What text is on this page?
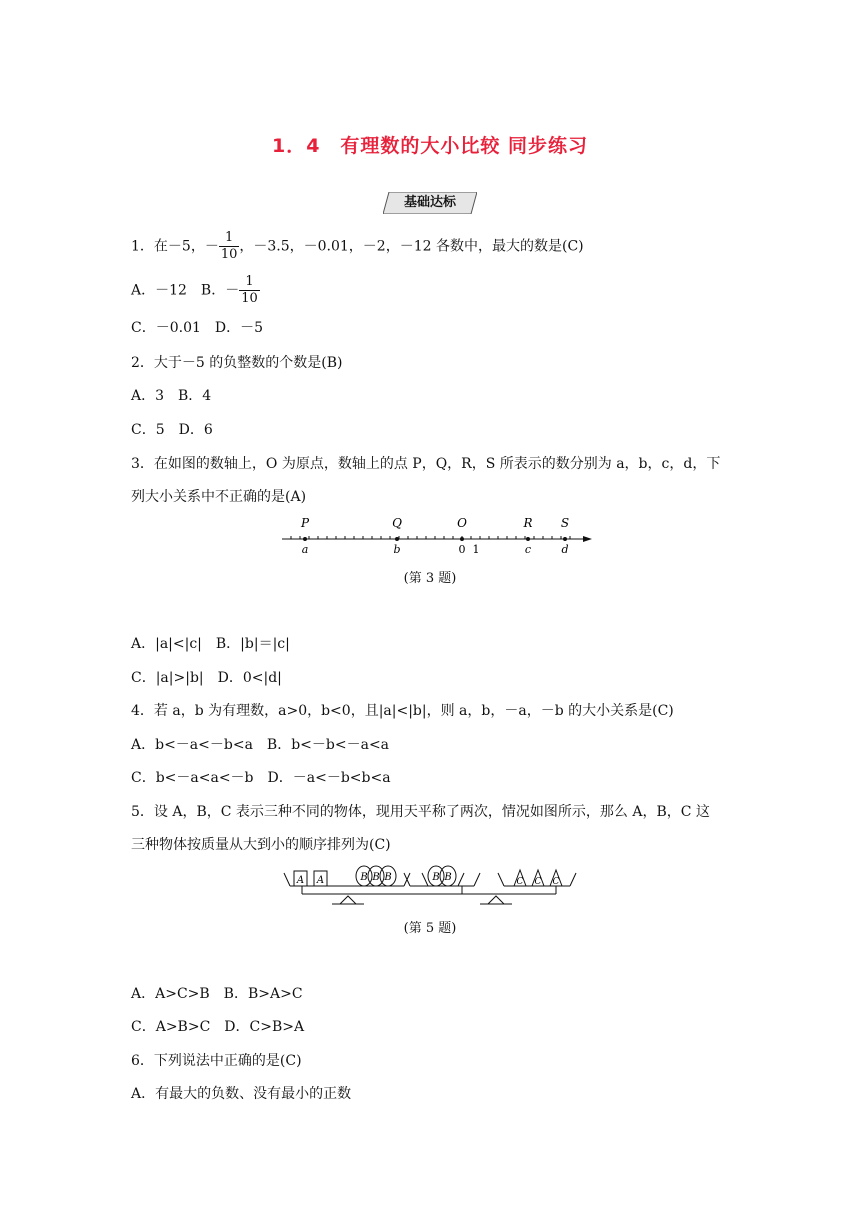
1．4　有理数的大小比较 同步练习
基础达标
1．在－5，－ $\frac{1}{10}$ ，－3.5，－0.01，－2，－12 各数中，最大的数是(C)
A．－12　B．－ $\frac{1}{10}$
C．－0.01　D．－5
2．大于－5 的负整数的个数是(B)
A．3　B．4
C．5　D．6
3．在如图的数轴上，O 为原点，数轴上的点 P，Q，R，S 所表示的数分别为 a，b，c，d，下
列大小关系中不正确的是(A)
P	Q	O	R S
a	b	0 1	c	d
(第 3 题)
A．|a|<|c|　B．|b|＝|c|
C．|a|>|b|　D．0<|d|
4．若 a，b 为有理数，a>0，b<0，且|a|<|b|，则 a，b，－a，－b 的大小关系是(C)
A．b<－a<－b<a　B．b<－b<－a<a
C．b<－a<a<－b　D．－a<－b<b<a
5．设 A，B，C 表示三种不同的物体，现用天平称了两次，情况如图所示，那么 A，B，C 这
三种物体按质量从大到小的顺序排列为(C)
A A	B B B	B B	C C C
(第 5 题)
A．A>C>B　B．B>A>C
C．A>B>C　D．C>B>A
6．下列说法中正确的是(C)
A．有最大的负数、没有最小的正数
